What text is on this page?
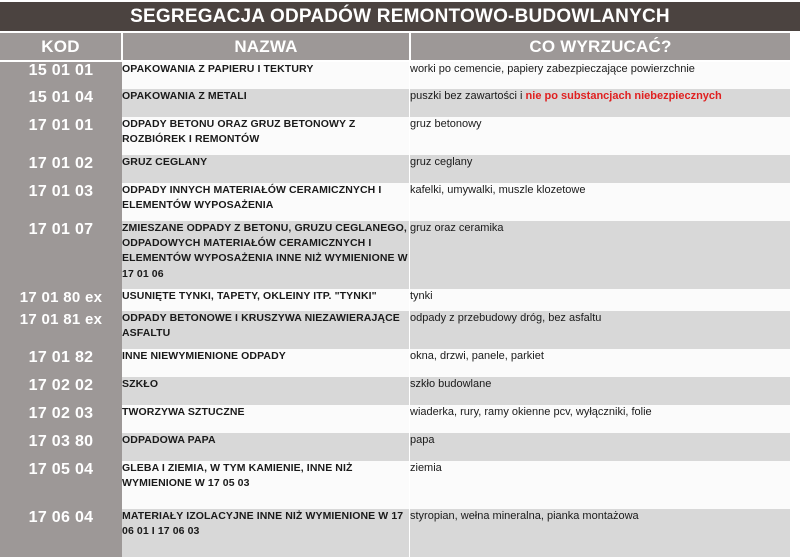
SEGREGACJA ODPADÓW REMONTOWO-BUDOWLANYCH
KOD	NAZWA	CO WYRZUCAĆ?
15 01 01	OPAKOWANIA Z PAPIERU I TEKTURY	worki po cemencie, papiery zabezpieczające powierzchnie
15 01 04	OPAKOWANIA Z METALI	puszki bez zawartości i nie po substancjach niebezpiecznych
17 01 01	ODPADY BETONU ORAZ GRUZ BETONOWY Z ROZBIÓREK I REMONTÓW	gruz betonowy
17 01 02	GRUZ CEGLANY	gruz ceglany
17 01 03	ODPADY INNYCH MATERIAŁÓW CERAMICZNYCH I ELEMENTÓW WYPOSAŻENIA	kafelki, umywalki, muszle klozetowe
17 01 07	ZMIESZANE ODPADY Z BETONU, GRUZU CEGLANEGO, ODPADOWYCH MATERIAŁÓW CERAMICZNYCH I ELEMENTÓW WYPOSAŻENIA INNE NIŻ WYMIENIONE W 17 01 06	gruz oraz ceramika
17 01 80 ex	USUNIĘTE TYNKI, TAPETY, OKLEINY ITP. "TYNKI"	tynki
17 01 81 ex	ODPADY BETONOWE I KRUSZYWA NIEZAWIERAJĄCE ASFALTU	odpady z przebudowy dróg, bez asfaltu
17 01 82	INNE NIEWYMIENIONE ODPADY	okna, drzwi, panele, parkiet
17 02 02	SZKŁO	szkło budowlane
17 02 03	TWORZYWA SZTUCZNE	wiaderka, rury, ramy okienne pcv, wyłączniki, folie
17 03 80	ODPADOWA PAPA	papa
17 05 04	GLEBA I ZIEMIA, W TYM KAMIENIE, INNE NIŻ WYMIENIONE W 17 05 03	ziemia
17 06 04	MATERIAŁY IZOLACYJNE INNE NIŻ WYMIENIONE W 17 06 01 I 17 06 03	styropian, wełna mineralna, pianka montażowa
